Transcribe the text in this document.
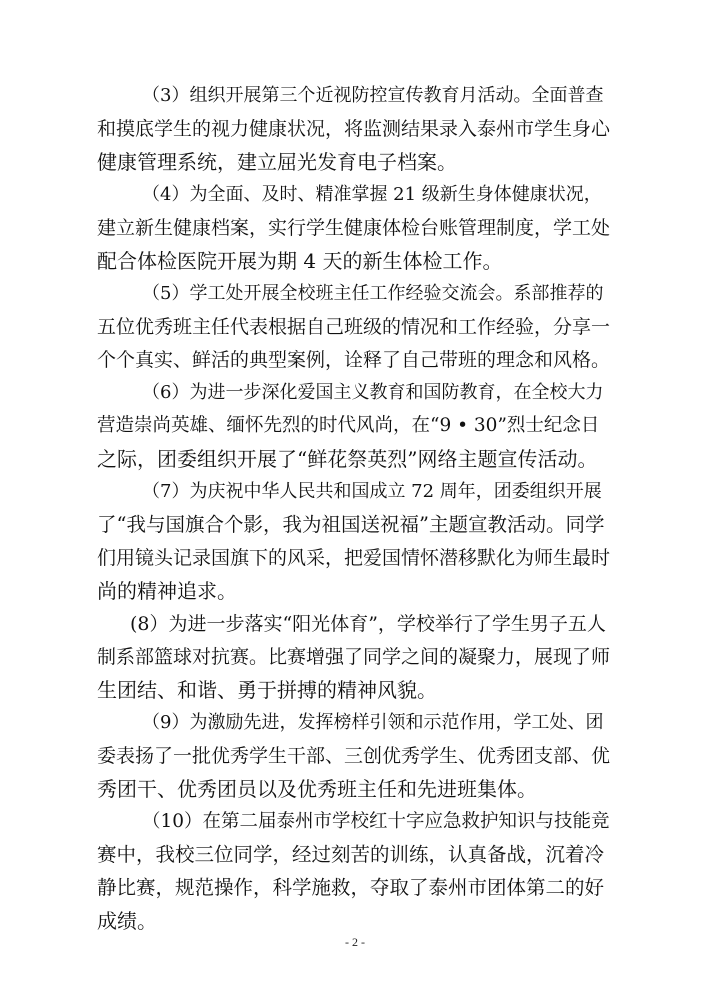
（3）组织开展第三个近视防控宣传教育月活动。全面普查
和摸底学生的视力健康状况，将监测结果录入泰州市学生身心
健康管理系统，建立屈光发育电子档案。
（4）为全面、及时、精准掌握 21 级新生身体健康状况，
建立新生健康档案，实行学生健康体检台账管理制度，学工处
配合体检医院开展为期 4 天的新生体检工作。
（5）学工处开展全校班主任工作经验交流会。系部推荐的
五位优秀班主任代表根据自己班级的情况和工作经验，分享一
个个真实、鲜活的典型案例，诠释了自己带班的理念和风格。
（6）为进一步深化爱国主义教育和国防教育，在全校大力
营造崇尚英雄、缅怀先烈的时代风尚，在“9 • 30”烈士纪念日
之际，团委组织开展了“鲜花祭英烈”网络主题宣传活动。
（7）为庆祝中华人民共和国成立 72 周年，团委组织开展
了“我与国旗合个影，我为祖国送祝福”主题宣教活动。同学
们用镜头记录国旗下的风采，把爱国情怀潜移默化为师生最时
尚的精神追求。
(8）为进一步落实“阳光体育”，学校举行了学生男子五人
制系部篮球对抗赛。比赛增强了同学之间的凝聚力，展现了师
生团结、和谐、勇于拼搏的精神风貌。
（9）为激励先进，发挥榜样引领和示范作用，学工处、团
委表扬了一批优秀学生干部、三创优秀学生、优秀团支部、优
秀团干、优秀团员以及优秀班主任和先进班集体。
（10）在第二届泰州市学校红十字应急救护知识与技能竞
赛中，我校三位同学，经过刻苦的训练，认真备战，沉着冷
静比赛，规范操作，科学施救，夺取了泰州市团体第二的好
成绩。
- 2 -
